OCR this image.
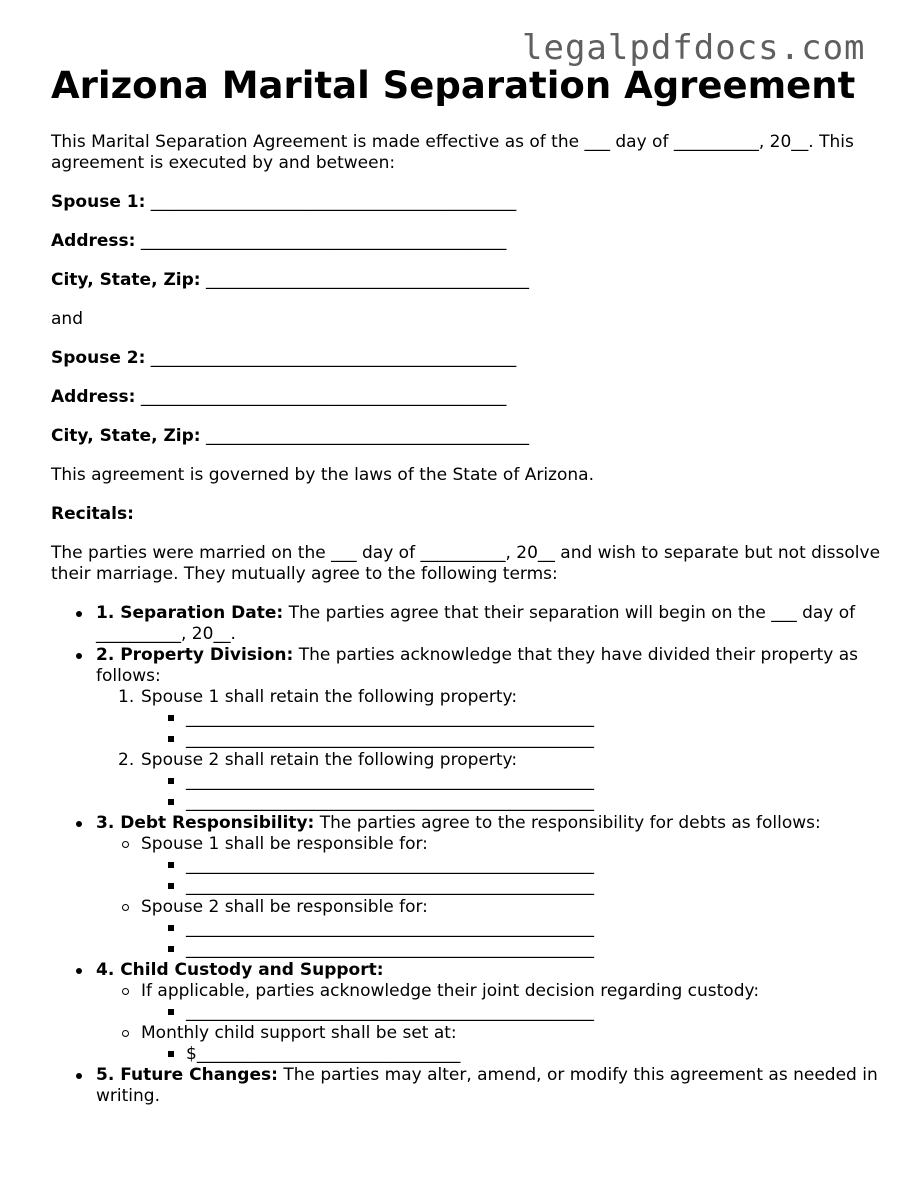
legalpdfdocs.com
Arizona Marital Separation Agreement

This Marital Separation Agreement is made effective as of the ___ day of __________, 20__. This agreement is executed by and between:

Spouse 1: ___________________________________________

Address: ___________________________________________

City, State, Zip: ______________________________________

and

Spouse 2: ___________________________________________

Address: ___________________________________________

City, State, Zip: ______________________________________

This agreement is governed by the laws of the State of Arizona.

Recitals:

The parties were married on the ___ day of __________, 20__ and wish to separate but not dissolve their marriage. They mutually agree to the following terms:

1. Separation Date: The parties agree that their separation will begin on the ___ day of __________, 20__.
2. Property Division: The parties acknowledge that they have divided their property as follows:
1. Spouse 1 shall retain the following property:
________________________________________________
________________________________________________
2. Spouse 2 shall retain the following property:
________________________________________________
________________________________________________
3. Debt Responsibility: The parties agree to the responsibility for debts as follows:
Spouse 1 shall be responsible for:
________________________________________________
________________________________________________
Spouse 2 shall be responsible for:
________________________________________________
________________________________________________
4. Child Custody and Support:
If applicable, parties acknowledge their joint decision regarding custody:
________________________________________________
Monthly child support shall be set at:
$_______________________________
5. Future Changes: The parties may alter, amend, or modify this agreement as needed in writing.
